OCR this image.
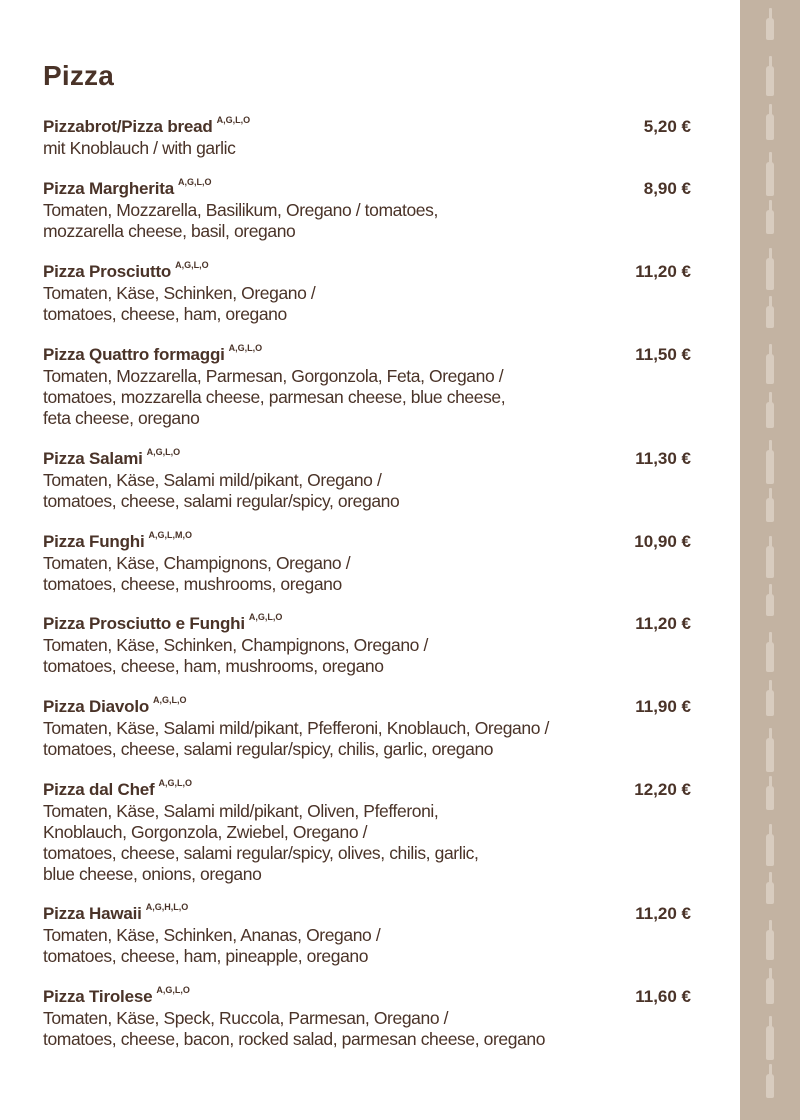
Pizza
Pizzabrot/Pizza bread $^{A,G,L,O}$	5,20 €
mit Knoblauch / with garlic
Pizza Margherita $^{A,G,L,O}$	8,90 €
Tomaten, Mozzarella, Basilikum, Oregano / tomatoes,
mozzarella cheese, basil, oregano
Pizza Prosciutto $^{A,G,L,O}$	11,20 €
Tomaten, Käse, Schinken, Oregano /
tomatoes, cheese, ham, oregano
Pizza Quattro formaggi $^{A,G,L,O}$	11,50 €
Tomaten, Mozzarella, Parmesan, Gorgonzola, Feta, Oregano /
tomatoes, mozzarella cheese, parmesan cheese, blue cheese,
feta cheese, oregano
Pizza Salami $^{A,G,L,O}$	11,30 €
Tomaten, Käse, Salami mild/pikant, Oregano /
tomatoes, cheese, salami regular/spicy, oregano
Pizza Funghi $^{A,G,L,M,O}$	10,90 €
Tomaten, Käse, Champignons, Oregano /
tomatoes, cheese, mushrooms, oregano
Pizza Prosciutto e Funghi $^{A,G,L,O}$	11,20 €
Tomaten, Käse, Schinken, Champignons, Oregano /
tomatoes, cheese, ham, mushrooms, oregano
Pizza Diavolo $^{A,G,L,O}$	11,90 €
Tomaten, Käse, Salami mild/pikant, Pfefferoni, Knoblauch, Oregano /
tomatoes, cheese, salami regular/spicy, chilis, garlic, oregano
Pizza dal Chef $^{A,G,L,O}$	12,20 €
Tomaten, Käse, Salami mild/pikant, Oliven, Pfefferoni,
Knoblauch, Gorgonzola, Zwiebel, Oregano /
tomatoes, cheese, salami regular/spicy, olives, chilis, garlic,
blue cheese, onions, oregano
Pizza Hawaii $^{A,G,H,L,O}$	11,20 €
Tomaten, Käse, Schinken, Ananas, Oregano /
tomatoes, cheese, ham, pineapple, oregano
Pizza Tirolese $^{A,G,L,O}$	11,60 €
Tomaten, Käse, Speck, Ruccola, Parmesan, Oregano /
tomatoes, cheese, bacon, rocked salad, parmesan cheese, oregano
